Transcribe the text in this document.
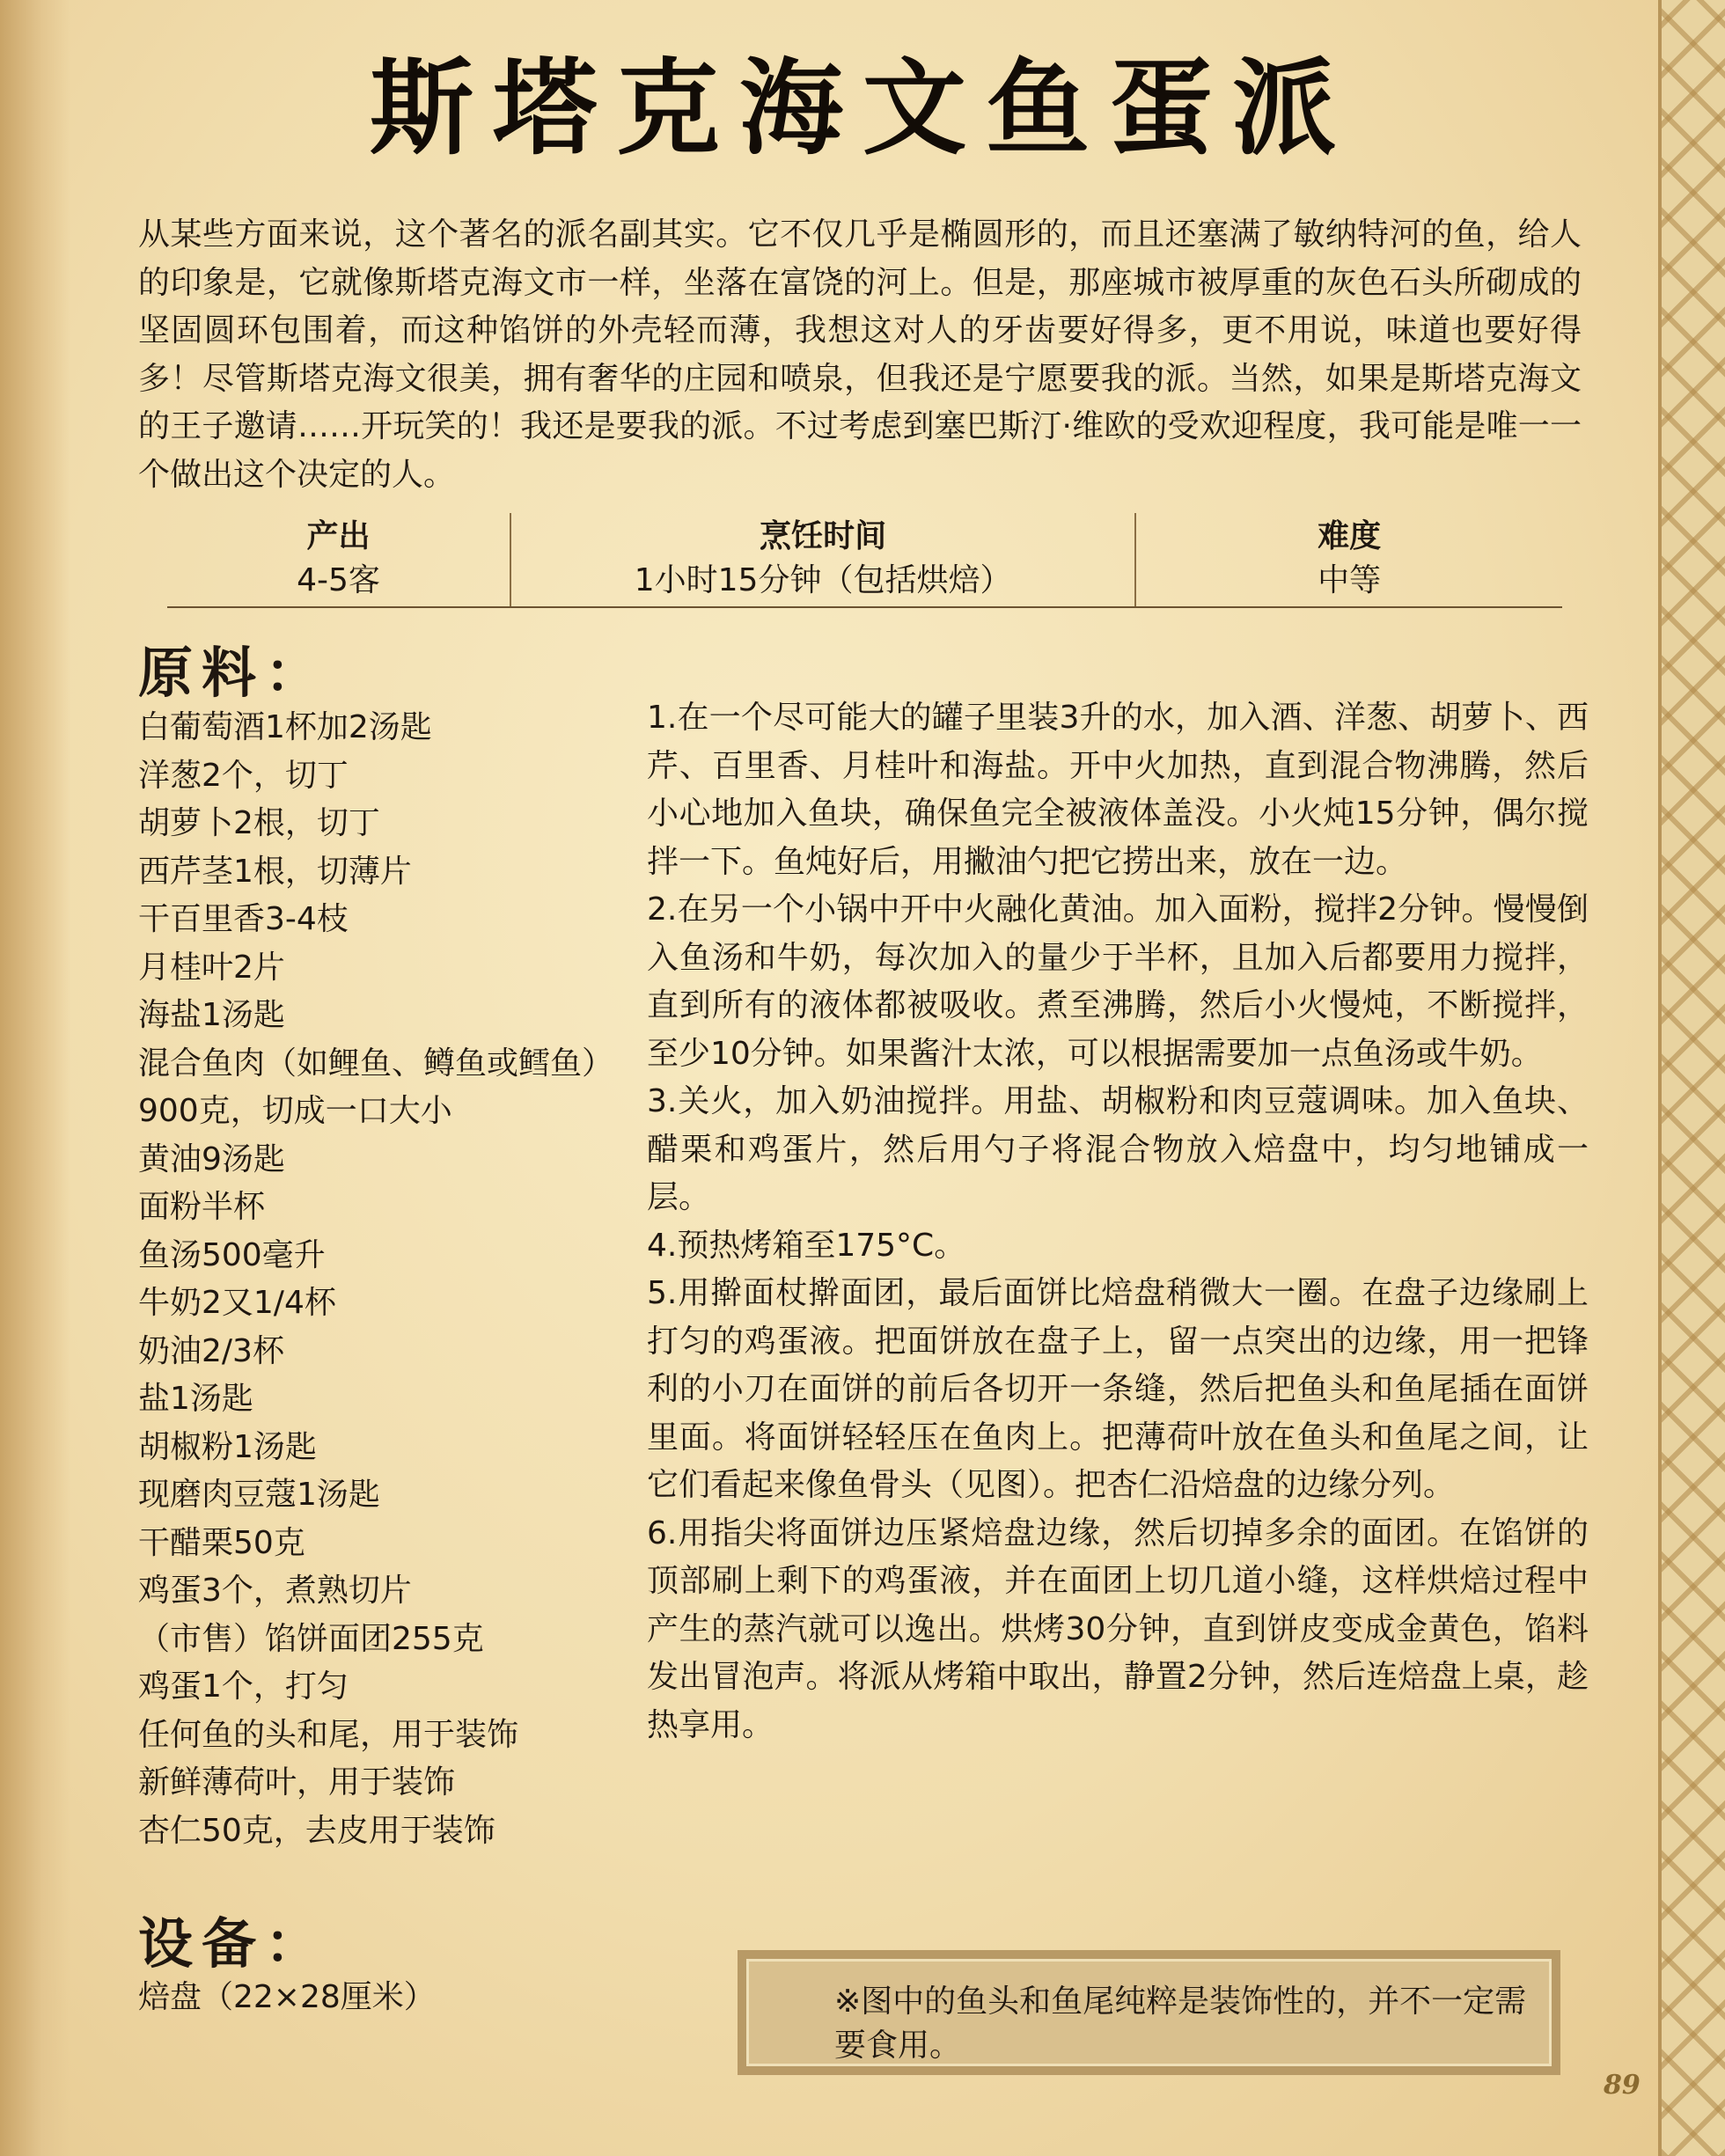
斯塔克海文鱼蛋派
从某些方面来说，这个著名的派名副其实。它不仅几乎是椭圆形的，而且还塞满了敏纳特河的鱼，给人的印象是，它就像斯塔克海文市一样，坐落在富饶的河上。但是，那座城市被厚重的灰色石头所砌成的坚固圆环包围着，而这种馅饼的外壳轻而薄，我想这对人的牙齿要好得多，更不用说，味道也要好得多！尽管斯塔克海文很美，拥有奢华的庄园和喷泉，但我还是宁愿要我的派。当然，如果是斯塔克海文的王子邀请……开玩笑的！我还是要我的派。不过考虑到塞巴斯汀·维欧的受欢迎程度，我可能是唯一一个做出这个决定的人。
产出
4-5客
烹饪时间
1小时15分钟（包括烘焙）
难度
中等
原料：
白葡萄酒1杯加2汤匙
洋葱2个，切丁
胡萝卜2根，切丁
西芹茎1根，切薄片
干百里香3-4枝
月桂叶2片
海盐1汤匙
混合鱼肉（如鲤鱼、鳟鱼或鳕鱼）900克，切成一口大小
黄油9汤匙
面粉半杯
鱼汤500毫升
牛奶2又1/4杯
奶油2/3杯
盐1汤匙
胡椒粉1汤匙
现磨肉豆蔻1汤匙
干醋栗50克
鸡蛋3个，煮熟切片
（市售）馅饼面团255克
鸡蛋1个，打匀
任何鱼的头和尾，用于装饰
新鲜薄荷叶，用于装饰
杏仁50克，去皮用于装饰

1.在一个尽可能大的罐子里装3升的水，加入酒、洋葱、胡萝卜、西芹、百里香、月桂叶和海盐。开中火加热，直到混合物沸腾，然后小心地加入鱼块，确保鱼完全被液体盖没。小火炖15分钟，偶尔搅拌一下。鱼炖好后，用撇油勺把它捞出来，放在一边。

2.在另一个小锅中开中火融化黄油。加入面粉，搅拌2分钟。慢慢倒入鱼汤和牛奶，每次加入的量少于半杯，且加入后都要用力搅拌，直到所有的液体都被吸收。煮至沸腾，然后小火慢炖，不断搅拌，至少10分钟。如果酱汁太浓，可以根据需要加一点鱼汤或牛奶。

3.关火，加入奶油搅拌。用盐、胡椒粉和肉豆蔻调味。加入鱼块、醋栗和鸡蛋片，然后用勺子将混合物放入焙盘中，均匀地铺成一层。

4.预热烤箱至175°C。

5.用擀面杖擀面团，最后面饼比焙盘稍微大一圈。在盘子边缘刷上打匀的鸡蛋液。把面饼放在盘子上，留一点突出的边缘，用一把锋利的小刀在面饼的前后各切开一条缝，然后把鱼头和鱼尾插在面饼里面。将面饼轻轻压在鱼肉上。把薄荷叶放在鱼头和鱼尾之间，让它们看起来像鱼骨头（见图）。把杏仁沿焙盘的边缘分列。

6.用指尖将面饼边压紧焙盘边缘，然后切掉多余的面团。在馅饼的顶部刷上剩下的鸡蛋液，并在面团上切几道小缝，这样烘焙过程中产生的蒸汽就可以逸出。烘烤30分钟，直到饼皮变成金黄色，馅料发出冒泡声。将派从烤箱中取出，静置2分钟，然后连焙盘上桌，趁热享用。

设备：
焙盘（22×28厘米）	※图中的鱼头和鱼尾纯粹是装饰性的，并不一定需要食用。
89
